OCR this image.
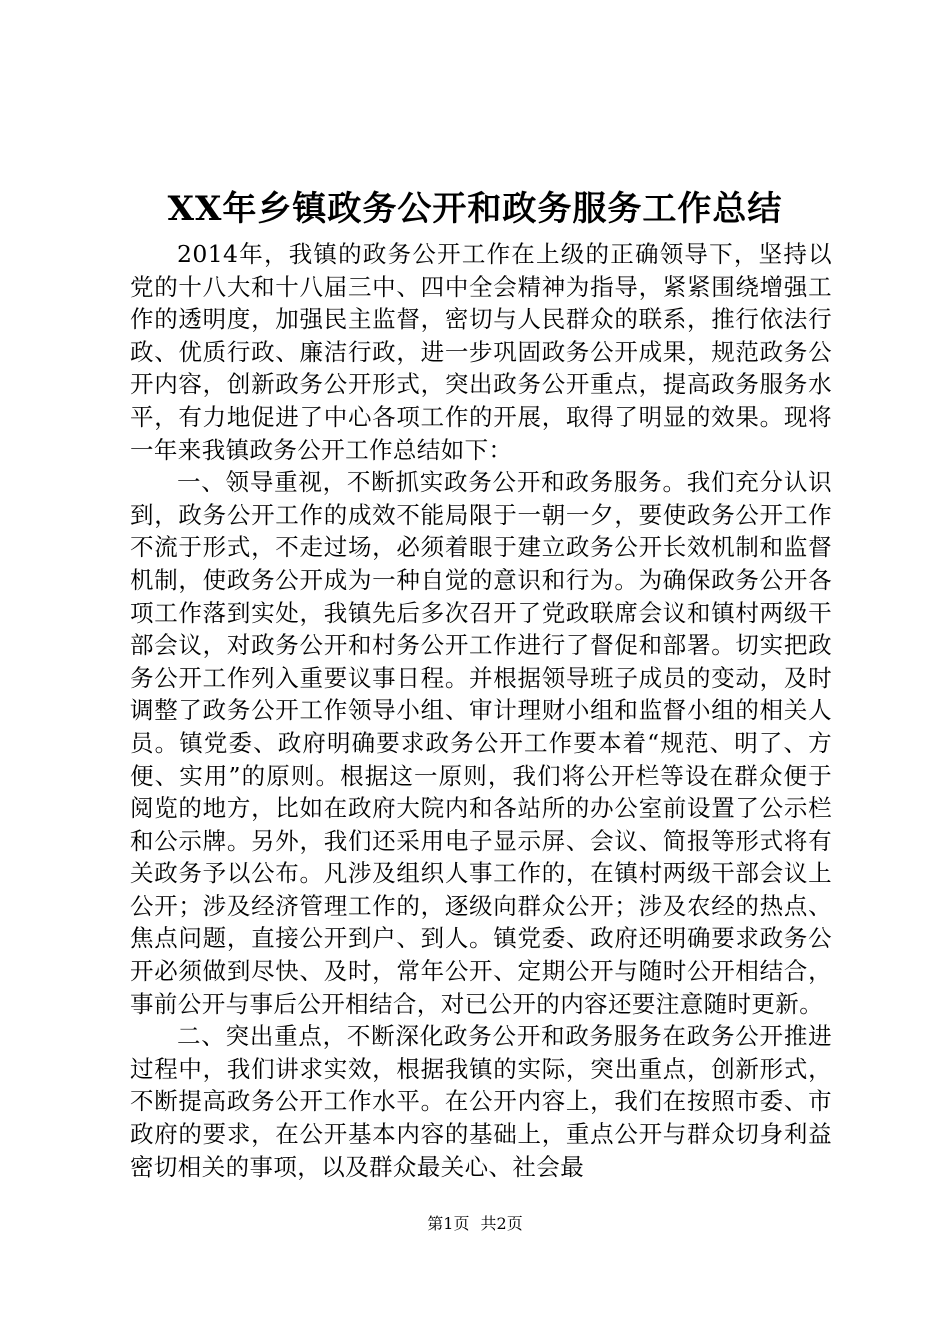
XX年乡镇政务公开和政务服务工作总结

2014年，我镇的政务公开工作在上级的正确领导下，坚持以党的十八大和十八届三中、四中全会精神为指导，紧紧围绕增强工作的透明度，加强民主监督，密切与人民群众的联系，推行依法行政、优质行政、廉洁行政，进一步巩固政务公开成果，规范政务公开内容，创新政务公开形式，突出政务公开重点，提高政务服务水平，有力地促进了中心各项工作的开展，取得了明显的效果。现将一年来我镇政务公开工作总结如下：

一、领导重视，不断抓实政务公开和政务服务。我们充分认识到，政务公开工作的成效不能局限于一朝一夕，要使政务公开工作不流于形式，不走过场，必须着眼于建立政务公开长效机制和监督机制，使政务公开成为一种自觉的意识和行为。为确保政务公开各项工作落到实处，我镇先后多次召开了党政联席会议和镇村两级干部会议，对政务公开和村务公开工作进行了督促和部署。切实把政务公开工作列入重要议事日程。并根据领导班子成员的变动，及时调整了政务公开工作领导小组、审计理财小组和监督小组的相关人员。镇党委、政府明确要求政务公开工作要本着“规范、明了、方便、实用”的原则。根据这一原则，我们将公开栏等设在群众便于阅览的地方，比如在政府大院内和各站所的办公室前设置了公示栏和公示牌。另外，我们还采用电子显示屏、会议、简报等形式将有关政务予以公布。凡涉及组织人事工作的，在镇村两级干部会议上公开；涉及经济管理工作的，逐级向群众公开；涉及农经的热点、焦点问题，直接公开到户、到人。镇党委、政府还明确要求政务公开必须做到尽快、及时，常年公开、定期公开与随时公开相结合，事前公开与事后公开相结合，对已公开的内容还要注意随时更新。

二、突出重点，不断深化政务公开和政务服务在政务公开推进过程中，我们讲求实效，根据我镇的实际，突出重点，创新形式，不断提高政务公开工作水平。在公开内容上，我们在按照市委、市政府的要求，在公开基本内容的基础上，重点公开与群众切身利益密切相关的事项，以及群众最关心、社会最

第1页 共2页
